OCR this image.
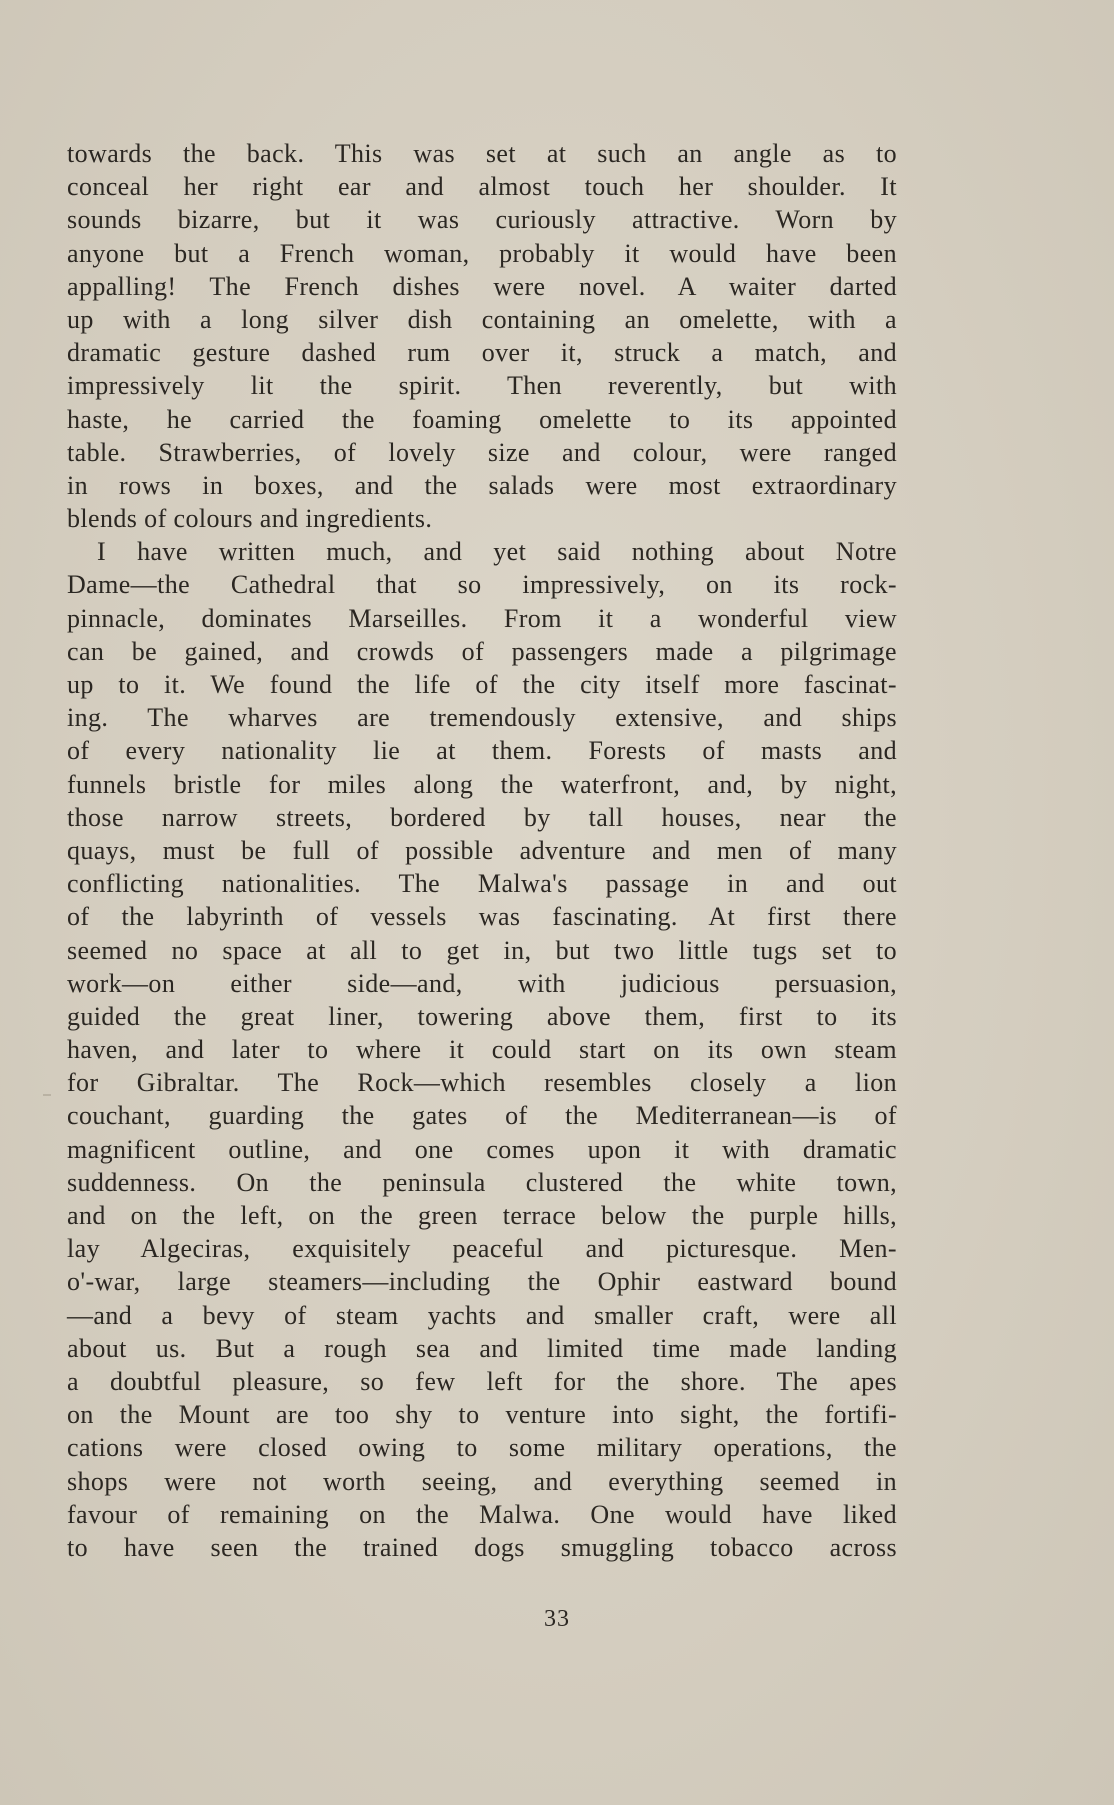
towards the back. This was set at such an angle as to
conceal her right ear and almost touch her shoulder. It
sounds bizarre, but it was curiously attractive. Worn by
anyone but a French woman, probably it would have been
appalling! The French dishes were novel. A waiter darted
up with a long silver dish containing an omelette, with a
dramatic gesture dashed rum over it, struck a match, and
impressively lit the spirit. Then reverently, but with
haste, he carried the foaming omelette to its appointed
table. Strawberries, of lovely size and colour, were ranged
in rows in boxes, and the salads were most extraordinary
blends of colours and ingredients.
I have written much, and yet said nothing about Notre
Dame—the Cathedral that so impressively, on its rock-
pinnacle, dominates Marseilles. From it a wonderful view
can be gained, and crowds of passengers made a pilgrimage
up to it. We found the life of the city itself more fascinat-
ing. The wharves are tremendously extensive, and ships
of every nationality lie at them. Forests of masts and
funnels bristle for miles along the waterfront, and, by night,
those narrow streets, bordered by tall houses, near the
quays, must be full of possible adventure and men of many
conflicting nationalities. The Malwa's passage in and out
of the labyrinth of vessels was fascinating. At first there
seemed no space at all to get in, but two little tugs set to
work—on either side—and, with judicious persuasion,
guided the great liner, towering above them, first to its
haven, and later to where it could start on its own steam
for Gibraltar. The Rock—which resembles closely a lion
couchant, guarding the gates of the Mediterranean—is of
magnificent outline, and one comes upon it with dramatic
suddenness. On the peninsula clustered the white town,
and on the left, on the green terrace below the purple hills,
lay Algeciras, exquisitely peaceful and picturesque. Men-
o'-war, large steamers—including the Ophir eastward bound
—and a bevy of steam yachts and smaller craft, were all
about us. But a rough sea and limited time made landing
a doubtful pleasure, so few left for the shore. The apes
on the Mount are too shy to venture into sight, the fortifi-
cations were closed owing to some military operations, the
shops were not worth seeing, and everything seemed in
favour of remaining on the Malwa. One would have liked
to have seen the trained dogs smuggling tobacco across
33
